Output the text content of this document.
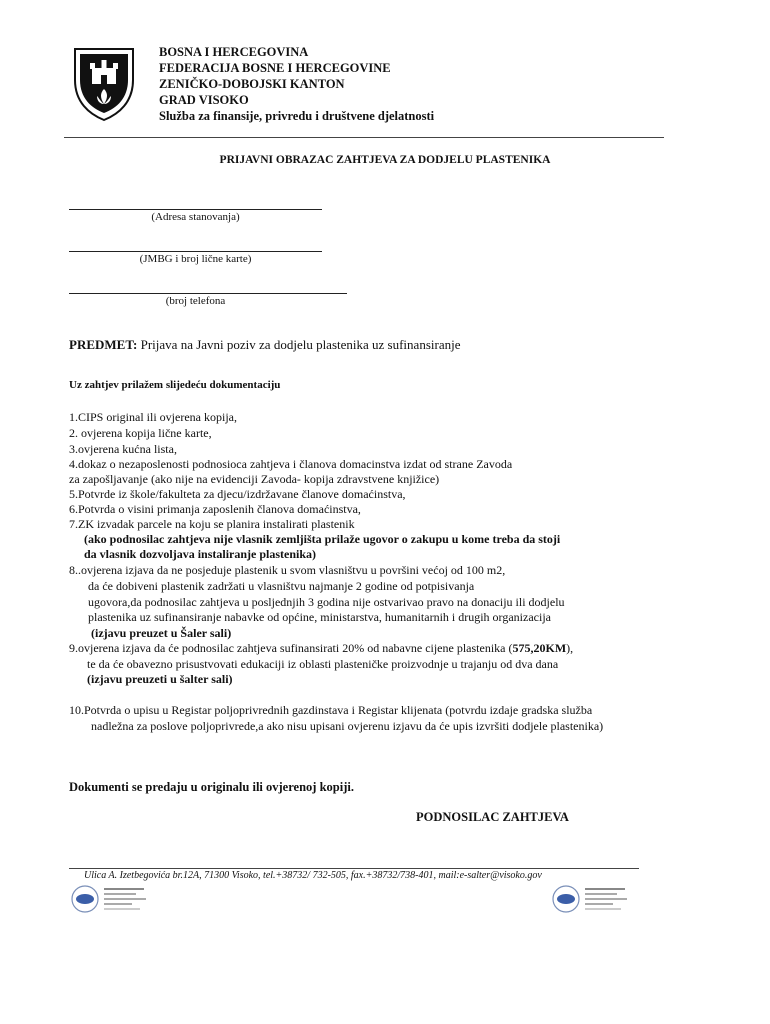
BOSNA I HERCEGOVINA
FEDERACIJA BOSNE I HERCEGOVINE
ZENIČKO-DOBOJSKI KANTON
GRAD VISOKO
Služba za finansije, privredu i društvene djelatnosti
PRIJAVNI OBRAZAC ZAHTJEVA ZA DODJELU PLASTENIKA
(Adresa stanovanja)
(JMBG i broj lične karte)
(broj telefona
PREDMET: Prijava na Javni poziv za dodjelu plastenika uz sufinansiranje
Uz zahtjev prilažem slijedeću dokumentaciju
1.CIPS original ili ovjerena kopija,
2. ovjerena kopija lične karte,
3.ovjerena kućna lista,
4.dokaz o nezaposlenosti podnosioca zahtjeva i članova domacinstva izdat od strane Zavoda
za zapošljavanje (ako nije na evidenciji Zavoda- kopija zdravstvene knjižice)
5.Potvrde iz škole/fakulteta za djecu/izdržavane članove domaćinstva,
6.Potvrda o visini primanja zaposlenih članova domaćinstva,
7.ZK izvadak parcele na koju se planira instalirati plastenik
(ako podnosilac zahtjeva nije vlasnik zemljišta prilaže ugovor o zakupu u kome treba da stoji
da vlasnik dozvoljava instaliranje plastenika)
8..ovjerena izjava da ne posjeduje plastenik u svom vlasništvu u površini većoj od 100 m2,
da će dobiveni plastenik zadržati u vlasništvu najmanje 2 godine od potpisivanja
ugovora,da podnosilac zahtjeva u posljednjih 3 godina nije ostvarivao pravo na donaciju ili dodjelu
plastenika uz sufinansiranje nabavke od općine, ministarstva, humanitarnih i drugih organizacija
(izjavu preuzet u Šaler sali)
9.ovjerena izjava da će podnosilac zahtjeva sufinansirati 20% od nabavne cijene plastenika (575,20KM),
te da će obavezno prisustvovati edukaciji iz oblasti plasteničke proizvodnje u trajanju od dva dana
(izjavu preuzeti u šalter sali)
10.Potvrda o upisu u Registar poljoprivrednih gazdinstava i Registar klijenata (potvrdu izdaje gradska služba
nadležna za poslove poljoprivrede,a ako nisu upisani ovjerenu izjavu da će upis izvršiti dodjele plastenika)
Dokumenti se predaju u originalu ili ovjerenoj kopiji.
PODNOSILAC ZAHTJEVA
Ulica A. Izetbegovića br.12A, 71300 Visoko, tel.+38732/ 732-505, fax.+38732/738-401, mail:e-salter@visoko.gov
